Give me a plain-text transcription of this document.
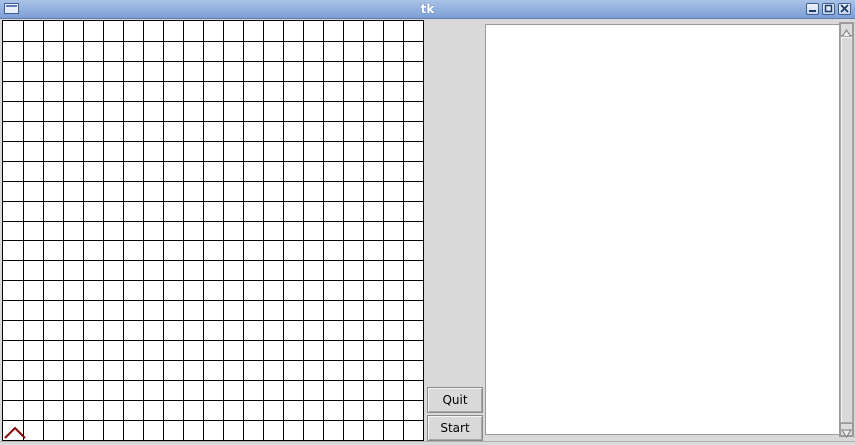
tk
Quit
Start
